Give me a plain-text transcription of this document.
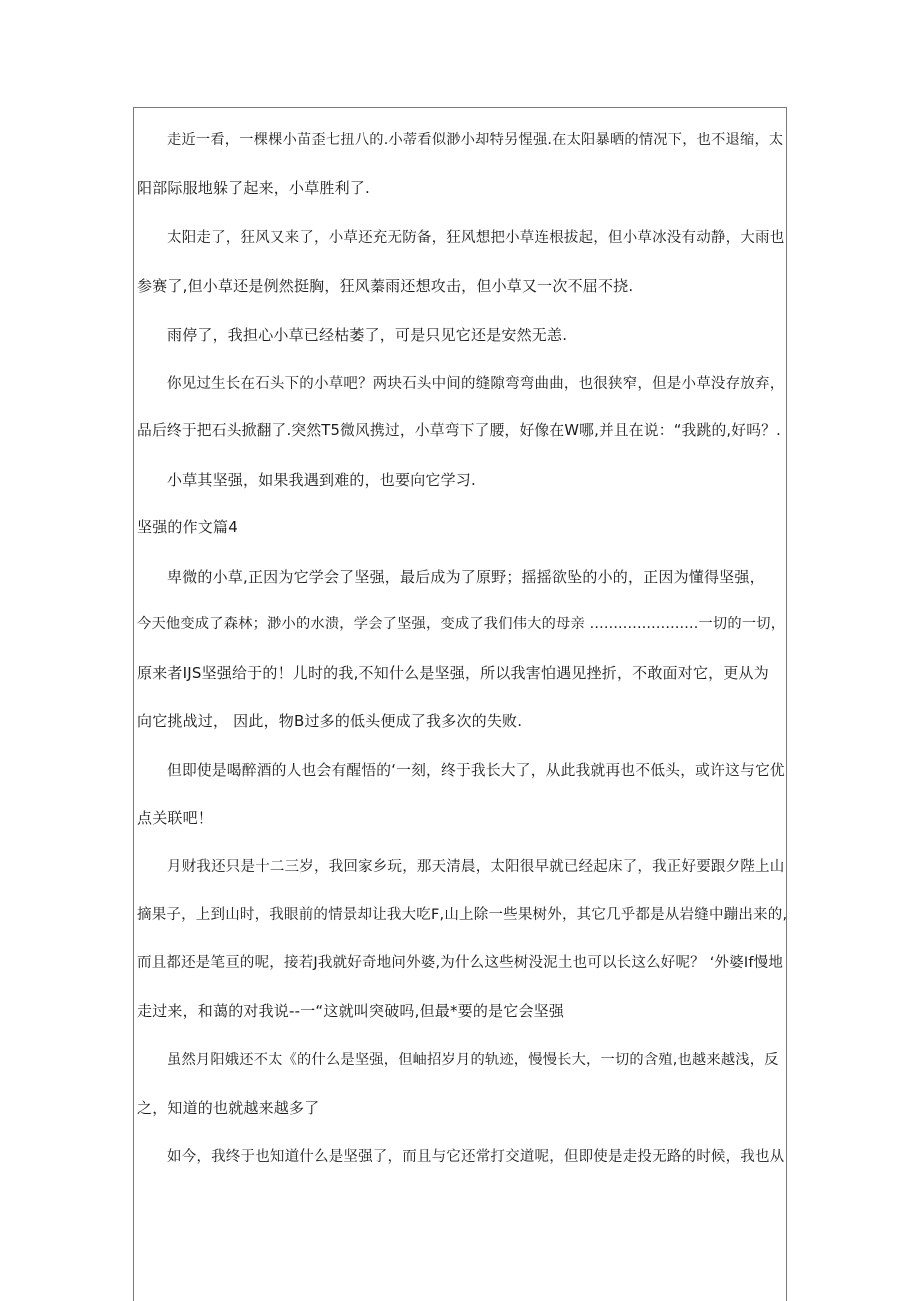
走近一看，一棵棵小苗歪七扭八的.小蒂看似渺小却特另惺强.在太阳暴晒的情况下，也不退缩，太
阳部际服地躲了起来，小草胜利了.
太阳走了，狂风又来了，小草还充无防备，狂风想把小草连根拔起，但小草冰没有动静，大雨也
参赛了,但小草还是例然挺胸，狂风蓁雨还想攻击，但小草又一次不屈不挠.
雨停了，我担心小草已经枯萎了，可是只见它还是安然无恙.
你见过生长在石头下的小草吧？两块石头中间的缝隙弯弯曲曲，也很狭窄，但是小草没存放弃，
品后终于把石头掀翻了.突然T5微风携过，小草弯下了腰，好像在W哪,并且在说：“我跳的,好吗？.
小草其坚强，如果我遇到难的，也要向它学习.
坚强的作文篇4
卑微的小草,正因为它学会了坚强，最后成为了原野；摇摇欲坠的小的，正因为懂得坚强，
今天他变成了森林；渺小的水溃，学会了坚强，变成了我们伟大的母亲 .......................一切的一切，
原来者IJS坚强给于的！儿时的我,不知什么是坚强，所以我害怕遇见挫折，不敢面对它，更从为
向它挑战过， 因此，物B过多的低头便成了我多次的失败.
但即使是喝醉酒的人也会有醒悟的‘一刻，终于我长大了，从此我就再也不低头，或许这与它优
点关联吧！
月财我还只是十二三岁，我回家乡玩，那天清晨，太阳很早就已经起床了，我正好要跟夕陛上山
摘果子，上到山时，我眼前的情景却让我大吃F,山上除一些果树外，其它几乎都是从岩缝中蹦出来的,
而且都还是笔亘的呢，接若J我就好奇地问外婆,为什么这些树没泥土也可以长这么好呢？ ‘外婆If慢地
走过来，和蔼的对我说--一“这就叫突破吗,但最*要的是它会坚强
虽然月阳娥还不太《的什么是坚强，但岫招岁月的轨迹，慢慢长大，一切的含殖,也越来越浅，反
之，知道的也就越来越多了
如今，我终于也知道什么是坚强了，而且与它还常打交道呢，但即使是走投无路的时候，我也从
